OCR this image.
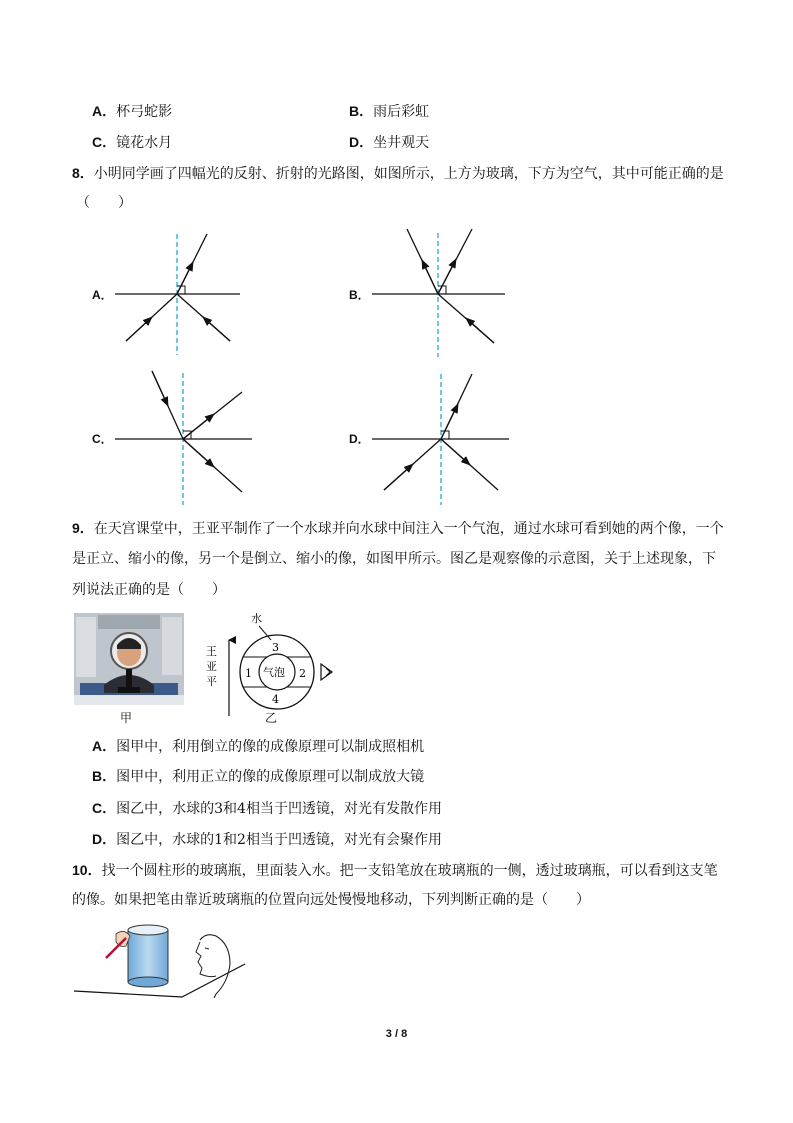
A．杯弓蛇影	B．雨后彩虹
C．镜花水月	D．坐井观天
8．小明同学画了四幅光的反射、折射的光路图，如图所示，上方为玻璃，下方为空气，其中可能正确的是
（　　）
A．	B．
C．	D．
9．在天宫课堂中，王亚平制作了一个水球并向水球中间注入一个气泡，通过水球可看到她的两个像，一个
是正立、缩小的像，另一个是倒立、缩小的像，如图甲所示。图乙是观察像的示意图，关于上述现象，下
列说法正确的是（　　）
甲
王
亚
平
气泡
3
4
1	2
水
乙
A．图甲中，利用倒立的像的成像原理可以制成照相机
B．图甲中，利用正立的像的成像原理可以制成放大镜
C．图乙中，水球的3和4相当于凹透镜，对光有发散作用
D．图乙中，水球的1和2相当于凹透镜，对光有会聚作用
10．找一个圆柱形的玻璃瓶，里面装入水。把一支铅笔放在玻璃瓶的一侧，透过玻璃瓶，可以看到这支笔
的像。如果把笔由靠近玻璃瓶的位置向远处慢慢地移动，下列判断正确的是（　　）
3 / 8
